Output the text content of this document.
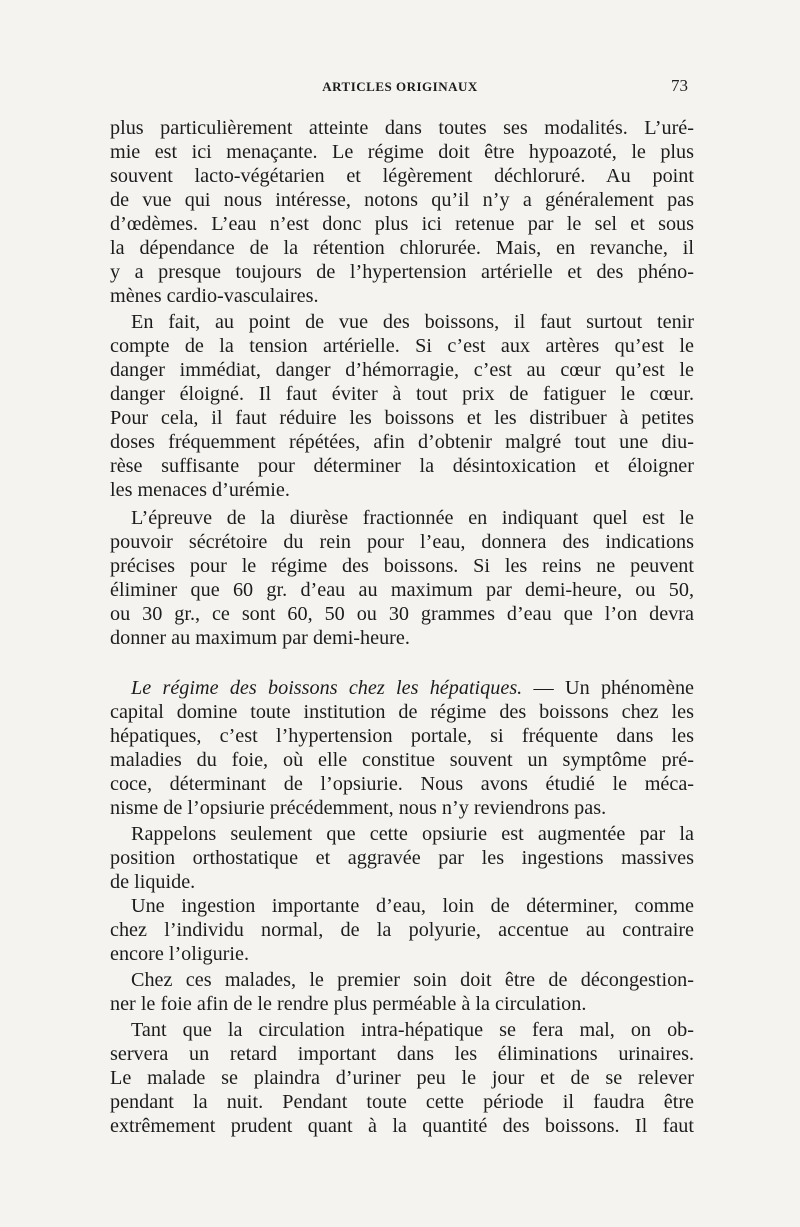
ARTICLES ORIGINAUX	73
plus particulièrement atteinte dans toutes ses modalités. L’uré-
mie est ici menaçante. Le régime doit être hypoazoté, le plus
souvent lacto-végétarien et légèrement déchloruré. Au point
de vue qui nous intéresse, notons qu’il n’y a généralement pas
d’œdèmes. L’eau n’est donc plus ici retenue par le sel et sous
la dépendance de la rétention chlorurée. Mais, en revanche, il
y a presque toujours de l’hypertension artérielle et des phéno-
mènes cardio-vasculaires.
En fait, au point de vue des boissons, il faut surtout tenir
compte de la tension artérielle. Si c’est aux artères qu’est le
danger immédiat, danger d’hémorragie, c’est au cœur qu’est le
danger éloigné. Il faut éviter à tout prix de fatiguer le cœur.
Pour cela, il faut réduire les boissons et les distribuer à petites
doses fréquemment répétées, afin d’obtenir malgré tout une diu-
rèse suffisante pour déterminer la désintoxication et éloigner
les menaces d’urémie.
L’épreuve de la diurèse fractionnée en indiquant quel est le
pouvoir sécrétoire du rein pour l’eau, donnera des indications
précises pour le régime des boissons. Si les reins ne peuvent
éliminer que 60 gr. d’eau au maximum par demi-heure, ou 50,
ou 30 gr., ce sont 60, 50 ou 30 grammes d’eau que l’on devra
donner au maximum par demi-heure.
Le régime des boissons chez les hépatiques. — Un phénomène
capital domine toute institution de régime des boissons chez les
hépatiques, c’est l’hypertension portale, si fréquente dans les
maladies du foie, où elle constitue souvent un symptôme pré-
coce, déterminant de l’opsiurie. Nous avons étudié le méca-
nisme de l’opsiurie précédemment, nous n’y reviendrons pas.
Rappelons seulement que cette opsiurie est augmentée par la
position orthostatique et aggravée par les ingestions massives
de liquide.
Une ingestion importante d’eau, loin de déterminer, comme
chez l’individu normal, de la polyurie, accentue au contraire
encore l’oligurie.
Chez ces malades, le premier soin doit être de décongestion-
ner le foie afin de le rendre plus perméable à la circulation.
Tant que la circulation intra-hépatique se fera mal, on ob-
servera un retard important dans les éliminations urinaires.
Le malade se plaindra d’uriner peu le jour et de se relever
pendant la nuit. Pendant toute cette période il faudra être
extrêmement prudent quant à la quantité des boissons. Il faut
